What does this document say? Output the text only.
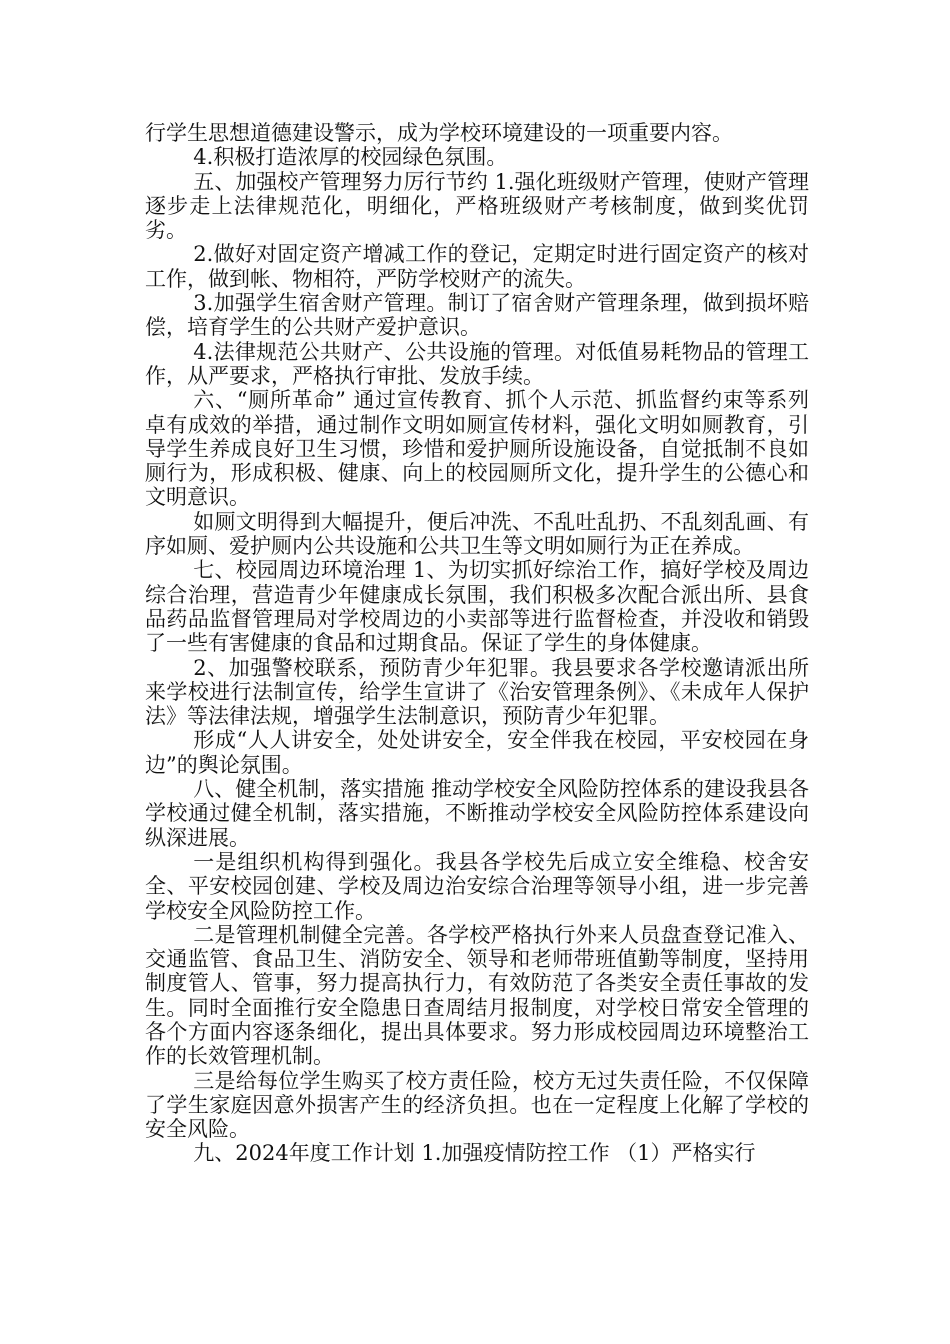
行学生思想道德建设警示，成为学校环境建设的一项重要内容。

4.积极打造浓厚的校园绿色氛围。

五、加强校产管理努力厉行节约 1.强化班级财产管理，使财产管理逐步走上法律规范化，明细化，严格班级财产考核制度，做到奖优罚劣。

2.做好对固定资产增减工作的登记，定期定时进行固定资产的核对工作，做到帐、物相符，严防学校财产的流失。

3.加强学生宿舍财产管理。制订了宿舍财产管理条理，做到损坏赔偿，培育学生的公共财产爱护意识。

4.法律规范公共财产、公共设施的管理。对低值易耗物品的管理工作，从严要求，严格执行审批、发放手续。

六、“厕所革命” 通过宣传教育、抓个人示范、抓监督约束等系列卓有成效的举措，通过制作文明如厕宣传材料，强化文明如厕教育，引导学生养成良好卫生习惯，珍惜和爱护厕所设施设备，自觉抵制不良如厕行为，形成积极、健康、向上的校园厕所文化，提升学生的公德心和文明意识。

如厕文明得到大幅提升，便后冲洗、不乱吐乱扔、不乱刻乱画、有序如厕、爱护厕内公共设施和公共卫生等文明如厕行为正在养成。

七、校园周边环境治理 1、为切实抓好综治工作，搞好学校及周边综合治理，营造青少年健康成长氛围，我们积极多次配合派出所、县食品药品监督管理局对学校周边的小卖部等进行监督检查，并没收和销毁了一些有害健康的食品和过期食品。保证了学生的身体健康。

2、加强警校联系，预防青少年犯罪。我县要求各学校邀请派出所来学校进行法制宣传，给学生宣讲了《治安管理条例》、《未成年人保护法》等法律法规，增强学生法制意识，预防青少年犯罪。

形成“人人讲安全，处处讲安全，安全伴我在校园，平安校园在身边”的舆论氛围。

八、健全机制，落实措施 推动学校安全风险防控体系的建设我县各学校通过健全机制，落实措施，不断推动学校安全风险防控体系建设向纵深进展。

一是组织机构得到强化。我县各学校先后成立安全维稳、校舍安全、平安校园创建、学校及周边治安综合治理等领导小组，进一步完善学校安全风险防控工作。

二是管理机制健全完善。各学校严格执行外来人员盘查登记准入、交通监管、食品卫生、消防安全、领导和老师带班值勤等制度，坚持用制度管人、管事，努力提高执行力，有效防范了各类安全责任事故的发生。同时全面推行安全隐患日查周结月报制度，对学校日常安全管理的各个方面内容逐条细化，提出具体要求。努力形成校园周边环境整治工作的长效管理机制。

三是给每位学生购买了校方责任险，校方无过失责任险，不仅保障了学生家庭因意外损害产生的经济负担。也在一定程度上化解了学校的安全风险。

九、2024年度工作计划 1.加强疫情防控工作 （1）严格实行
